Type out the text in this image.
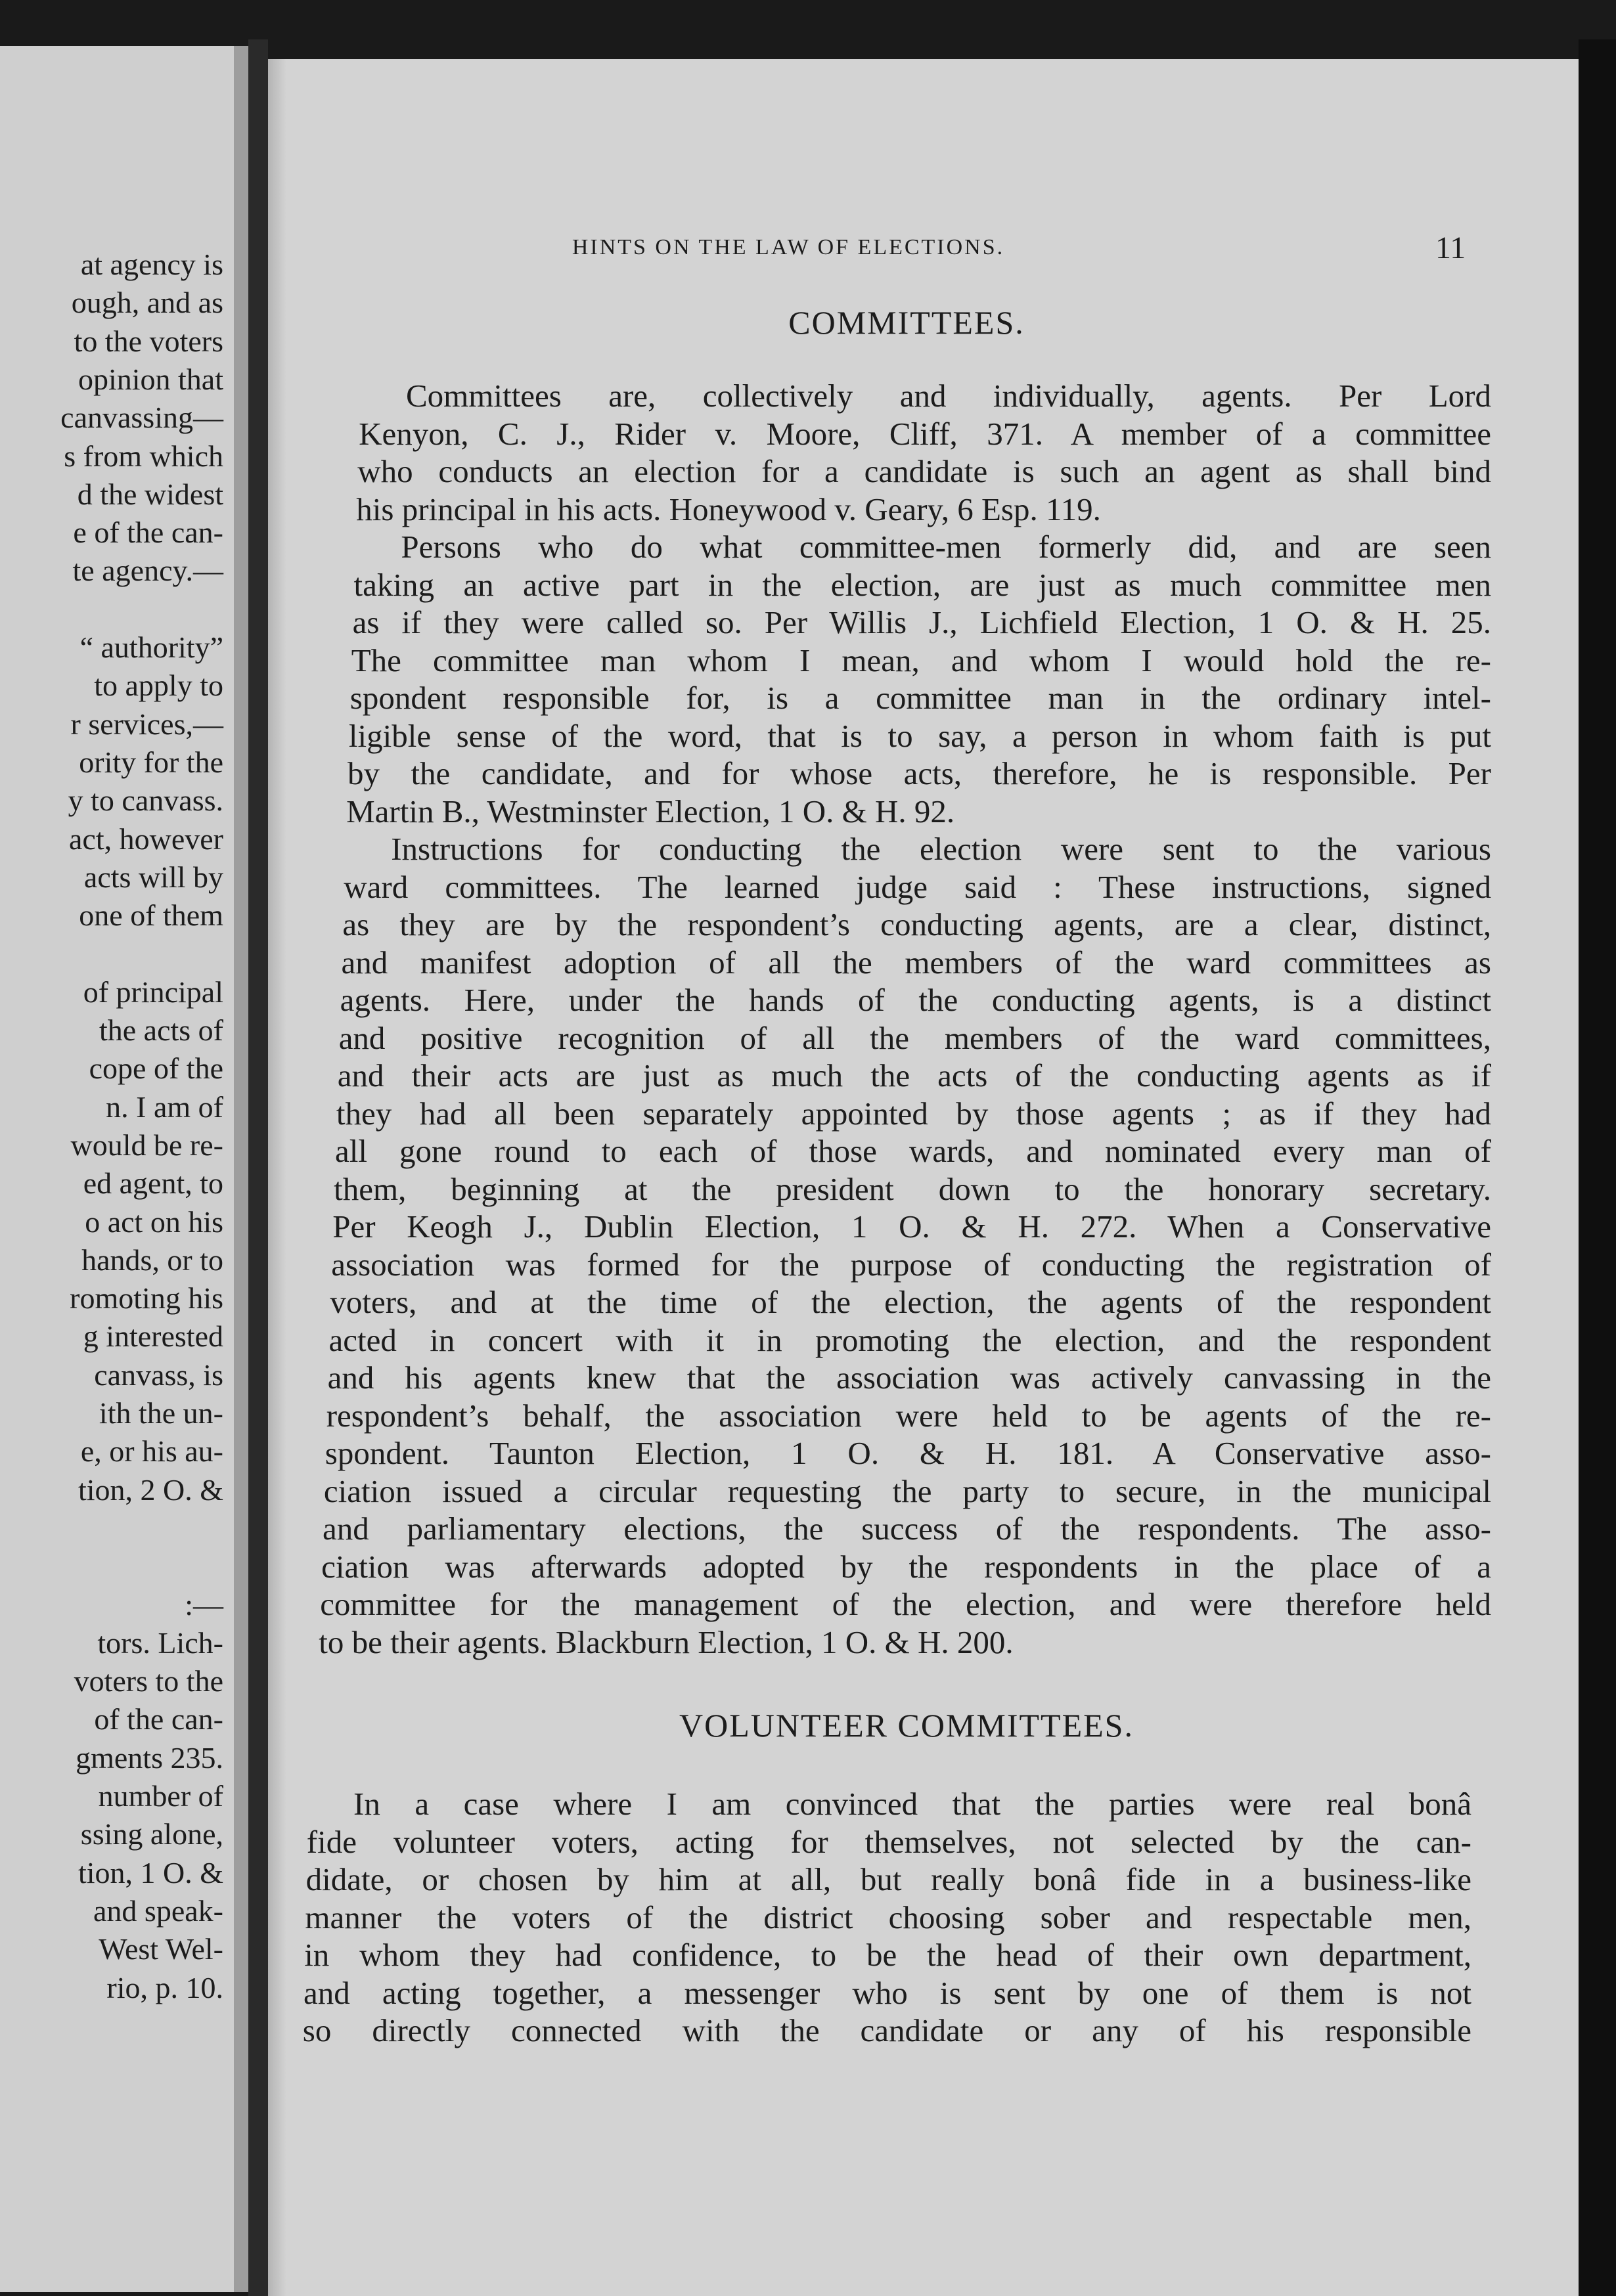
at agency is
ough, and as
to the voters
opinion that
canvassing—
s from which
d the widest
e of the can-
te agency.—
“ authority”
to apply to
r services,—
ority for the
y to canvass.
act, however
acts will by
one of them
of principal
the acts of
cope of the
n. I am of
would be re-
ed agent, to
o act on his
hands, or to
romoting his
g interested
canvass, is
ith the un-
e, or his au-
tion, 2 O. &
:—
tors. Lich-
voters to the
of the can-
gments 235.
number of
ssing alone,
tion, 1 O. &
and speak-
West Wel-
rio, p. 10.
HINTS ON THE LAW OF ELECTIONS.	11
COMMITTEES.
Committees are, collectively and individually, agents. Per Lord
Kenyon, C. J., Rider v. Moore, Cliff, 371. A member of a committee
who conducts an election for a candidate is such an agent as shall bind
his principal in his acts. Honeywood v. Geary, 6 Esp. 119.
Persons who do what committee-men formerly did, and are seen
taking an active part in the election, are just as much committee men
as if they were called so. Per Willis J., Lichfield Election, 1 O. & H. 25.
The committee man whom I mean, and whom I would hold the re-
spondent responsible for, is a committee man in the ordinary intel-
ligible sense of the word, that is to say, a person in whom faith is put
by the candidate, and for whose acts, therefore, he is responsible. Per
Martin B., Westminster Election, 1 O. & H. 92.
Instructions for conducting the election were sent to the various
ward committees. The learned judge said : These instructions, signed
as they are by the respondent’s conducting agents, are a clear, distinct,
and manifest adoption of all the members of the ward committees as
agents. Here, under the hands of the conducting agents, is a distinct
and positive recognition of all the members of the ward committees,
and their acts are just as much the acts of the conducting agents as if
they had all been separately appointed by those agents ; as if they had
all gone round to each of those wards, and nominated every man of
them, beginning at the president down to the honorary secretary.
Per Keogh J., Dublin Election, 1 O. & H. 272. When a Conservative
association was formed for the purpose of conducting the registration of
voters, and at the time of the election, the agents of the respondent
acted in concert with it in promoting the election, and the respondent
and his agents knew that the association was actively canvassing in the
respondent’s behalf, the association were held to be agents of the re-
spondent. Taunton Election, 1 O. & H. 181. A Conservative asso-
ciation issued a circular requesting the party to secure, in the municipal
and parliamentary elections, the success of the respondents. The asso-
ciation was afterwards adopted by the respondents in the place of a
committee for the management of the election, and were therefore held
to be their agents. Blackburn Election, 1 O. & H. 200.
VOLUNTEER COMMITTEES.
In a case where I am convinced that the parties were real bonâ
fide volunteer voters, acting for themselves, not selected by the can-
didate, or chosen by him at all, but really bonâ fide in a business-like
manner the voters of the district choosing sober and respectable men,
in whom they had confidence, to be the head of their own department,
and acting together, a messenger who is sent by one of them is not
so directly connected with the candidate or any of his responsible
